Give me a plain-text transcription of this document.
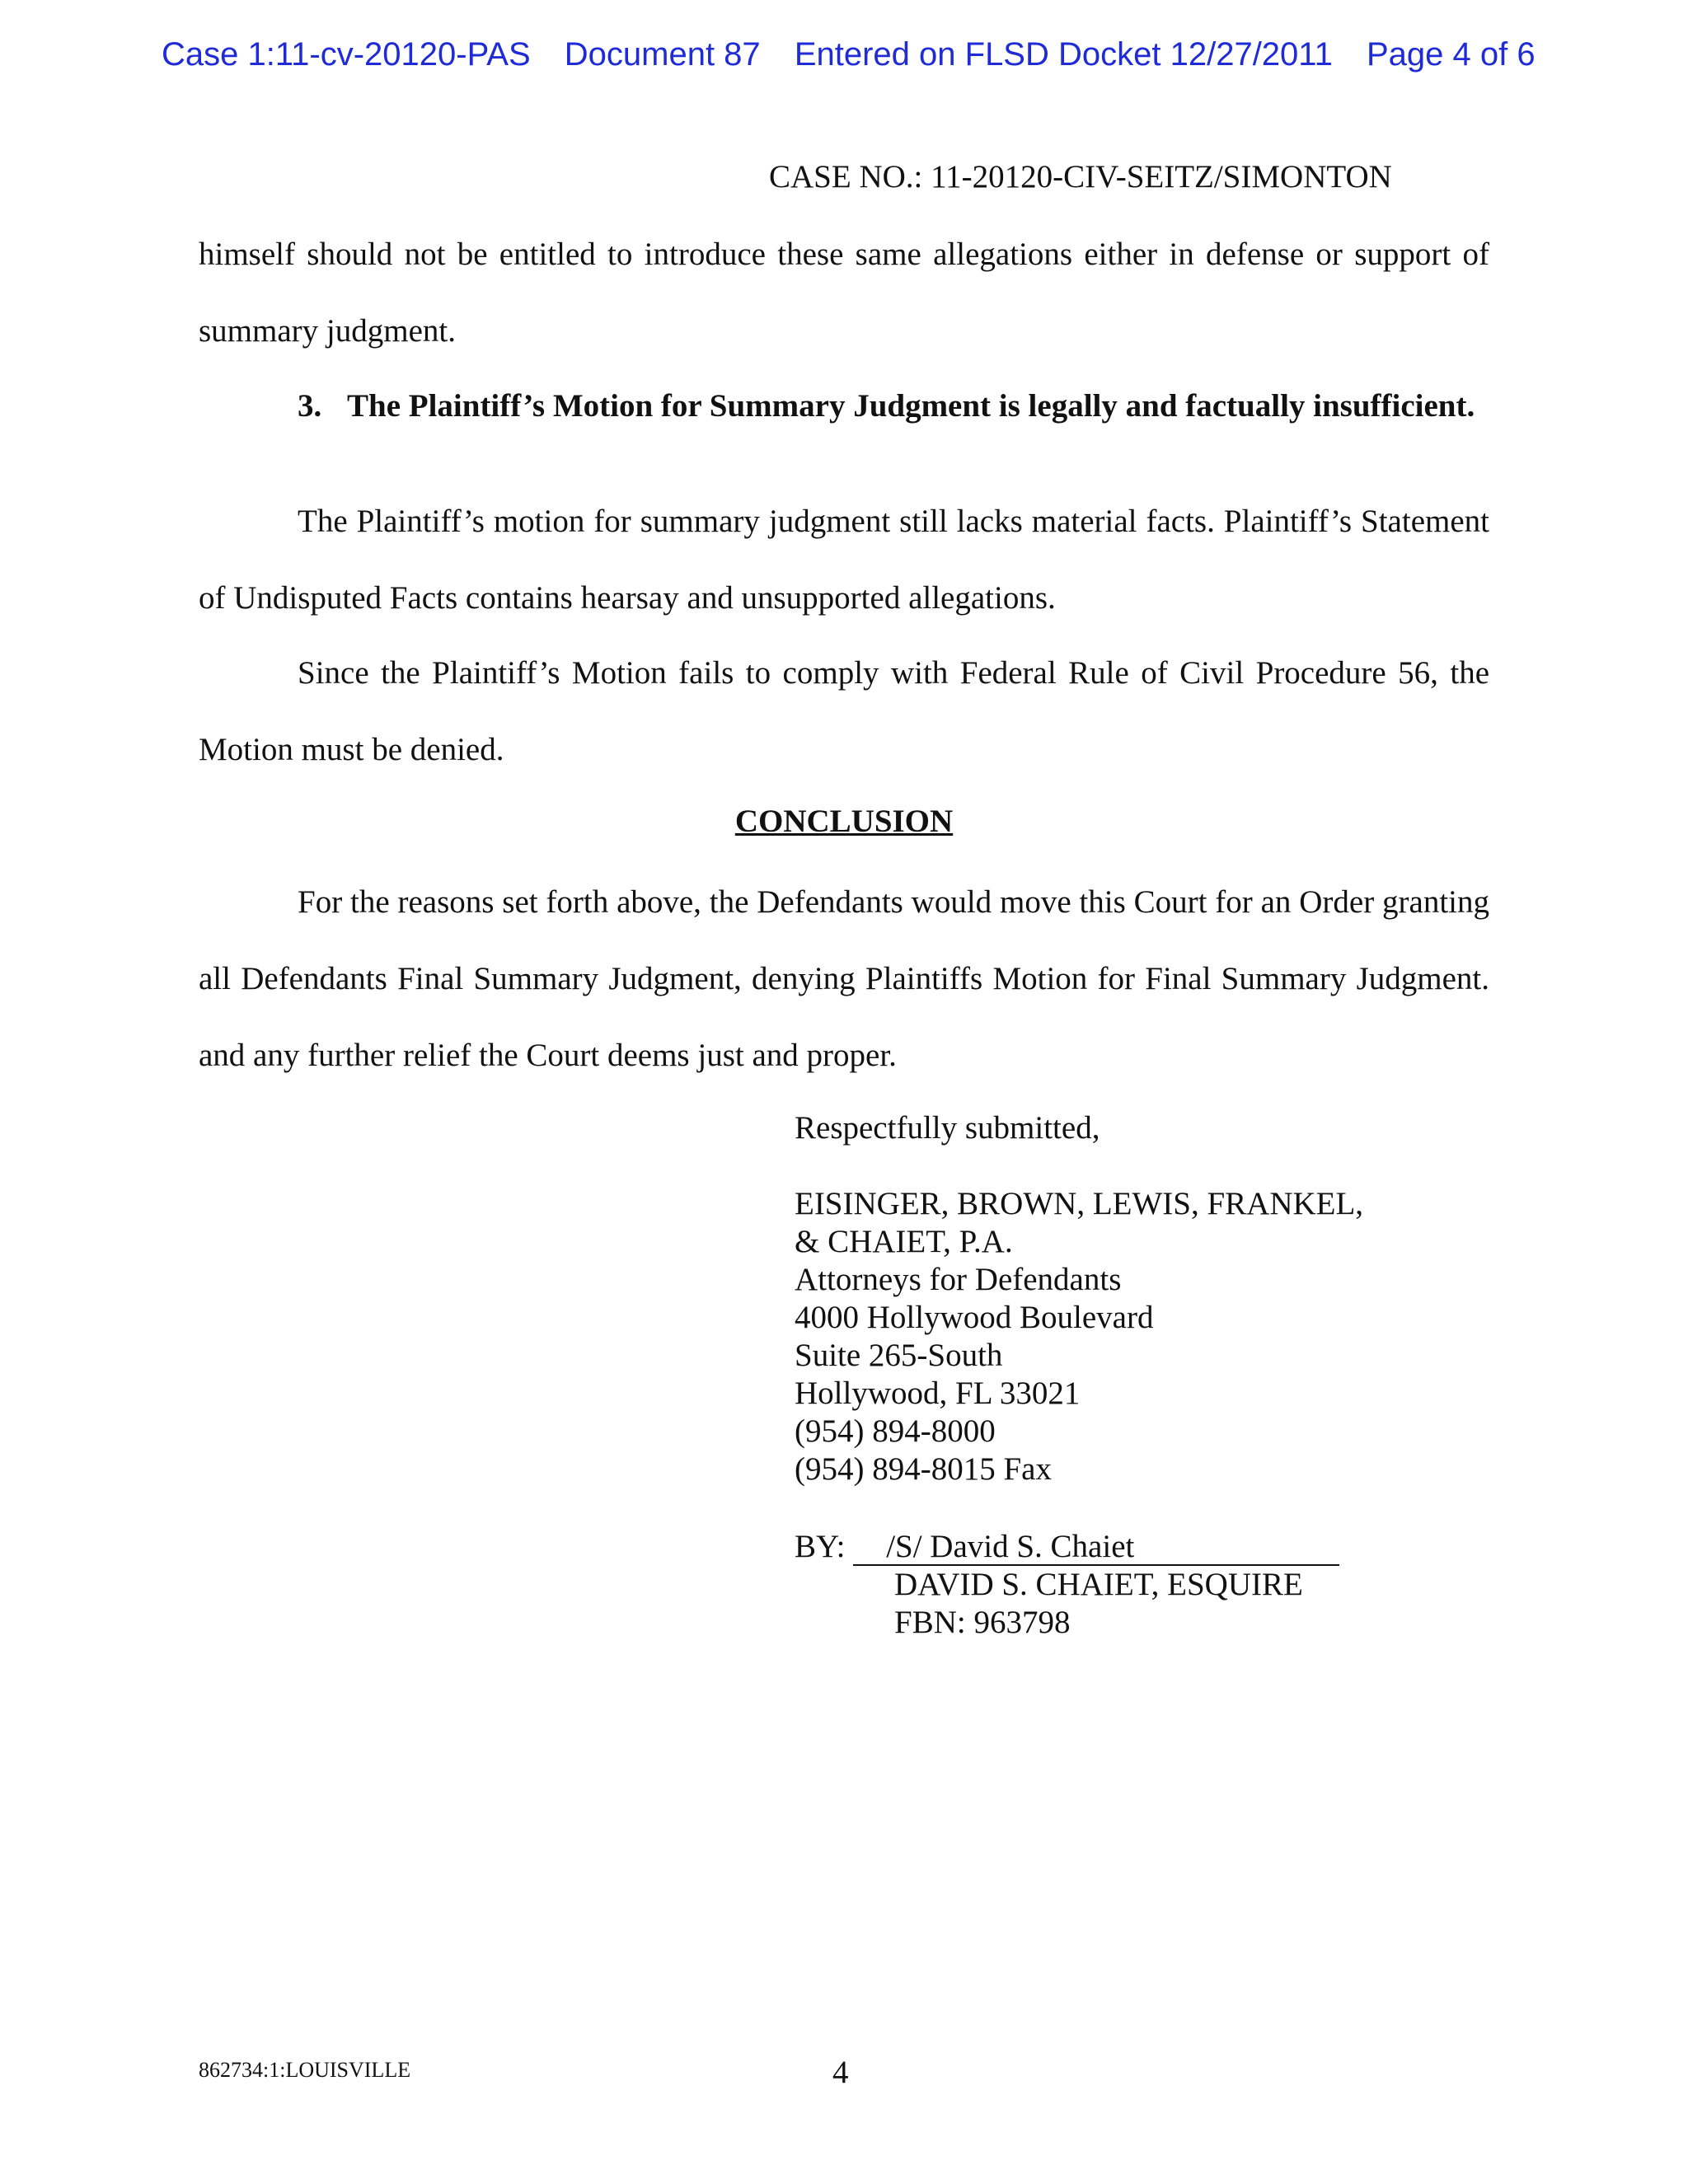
Case 1:11-cv-20120-PAS Document 87 Entered on FLSD Docket 12/27/2011 Page 4 of 6
CASE NO.: 11-20120-CIV-SEITZ/SIMONTON

himself should not be entitled to introduce these same allegations either in defense or support of summary judgment.

3. The Plaintiff’s Motion for Summary Judgment is legally and factually insufficient.

The Plaintiff’s motion for summary judgment still lacks material facts. Plaintiff’s Statement of Undisputed Facts contains hearsay and unsupported allegations.

Since the Plaintiff’s Motion fails to comply with Federal Rule of Civil Procedure 56, the Motion must be denied.

CONCLUSION

For the reasons set forth above, the Defendants would move this Court for an Order granting all Defendants Final Summary Judgment, denying Plaintiffs Motion for Final Summary Judgment. and any further relief the Court deems just and proper.

Respectfully submitted,
EISINGER, BROWN, LEWIS, FRANKEL,
& CHAIET, P.A.
Attorneys for Defendants
4000 Hollywood Boulevard
Suite 265-South
Hollywood, FL 33021
(954) 894-8000
(954) 894-8015 Fax
BY: /S/ David S. Chaiet
DAVID S. CHAIET, ESQUIRE
FBN: 963798
862734:1:LOUISVILLE	4
